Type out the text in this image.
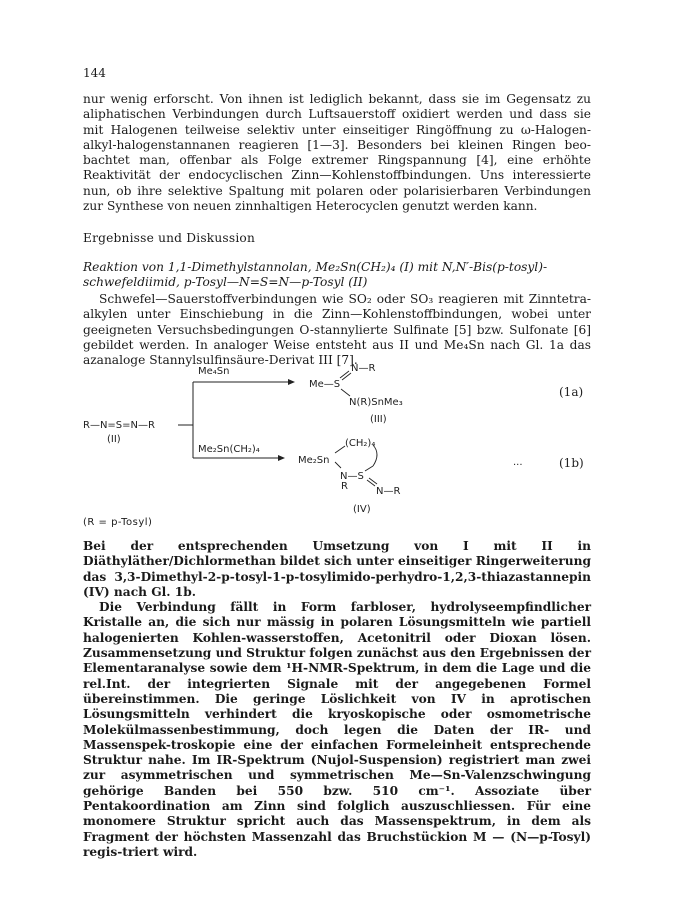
144

nur wenig erforscht. Von ihnen ist lediglich bekannt, dass sie im Gegensatz zu aliphatischen Verbindungen durch Luftsauerstoff oxidiert werden und dass sie mit Halogenen teilweise selektiv unter einseitiger Ringöffnung zu ω-Halogen-alkyl-halogenstannanen reagieren [1—3]. Besonders bei kleinen Ringen beo-bachtet man, offenbar als Folge extremer Ringspannung [4], eine erhöhte Reaktivität der endocyclischen Zinn—Kohlenstoffbindungen. Uns interessierte nun, ob ihre selektive Spaltung mit polaren oder polarisierbaren Verbindungen zur Synthese von neuen zinnhaltigen Heterocyclen genutzt werden kann.

Ergebnisse und Diskussion
Reaktion von 1,1-Dimethylstannolan, Me₂Sn(CH₂)₄ (I) mit N,N′-Bis(p-tosyl)-schwefeldiimid, p-Tosyl—N=S=N—p-Tosyl (II)

Schwefel—Sauerstoffverbindungen wie SO₂ oder SO₃ reagieren mit Zinntetra-alkylen unter Einschiebung in die Zinn—Kohlenstoffbindungen, wobei unter geeigneten Versuchsbedingungen O-stannylierte Sulfinate [5] bzw. Sulfonate [6] gebildet werden. In analoger Weise entsteht aus II und Me₄Sn nach Gl. 1a das azanaloge Stannylsulfinsäure-Derivat III [7].

R—N=S=N—R
(II)
Me₄Sn
Me—S
N—R
N(R)SnMe₃
(III)
(1a)
Me₂Sn(CH₂)₄
Me₂Sn
(CH₂)₄
N—S
R	N—R
(IV)
...	(1b)
(R = p-Tosyl)

Bei der entsprechenden Umsetzung von I mit II in Diäthyläther/Dichlormethan bildet sich unter einseitiger Ringerweiterung das 3,3-Dimethyl-2-p-tosyl-1-p-tosylimido-perhydro-1,2,3-thiazastannepin (IV) nach Gl. 1b.

Die Verbindung fällt in Form farbloser, hydrolyseempfindlicher Kristalle an, die sich nur mässig in polaren Lösungsmitteln wie partiell halogenierten Kohlen-wasserstoffen, Acetonitril oder Dioxan lösen. Zusammensetzung und Struktur folgen zunächst aus den Ergebnissen der Elementaranalyse sowie dem ¹H-NMR-Spektrum, in dem die Lage und die rel.Int. der integrierten Signale mit der angegebenen Formel übereinstimmen. Die geringe Löslichkeit von IV in aprotischen Lösungsmitteln verhindert die kryoskopische oder osmometrische Molekülmassenbestimmung, doch legen die Daten der IR- und Massenspek-troskopie eine der einfachen Formeleinheit entsprechende Struktur nahe. Im IR-Spektrum (Nujol-Suspension) registriert man zwei zur asymmetrischen und symmetrischen Me—Sn-Valenzschwingung gehörige Banden bei 550 bzw. 510 cm⁻¹. Assoziate über Pentakoordination am Zinn sind folglich auszuschliessen. Für eine monomere Struktur spricht auch das Massenspektrum, in dem als Fragment der höchsten Massenzahl das Bruchstückion M — (N—p-Tosyl) regis-triert wird.
